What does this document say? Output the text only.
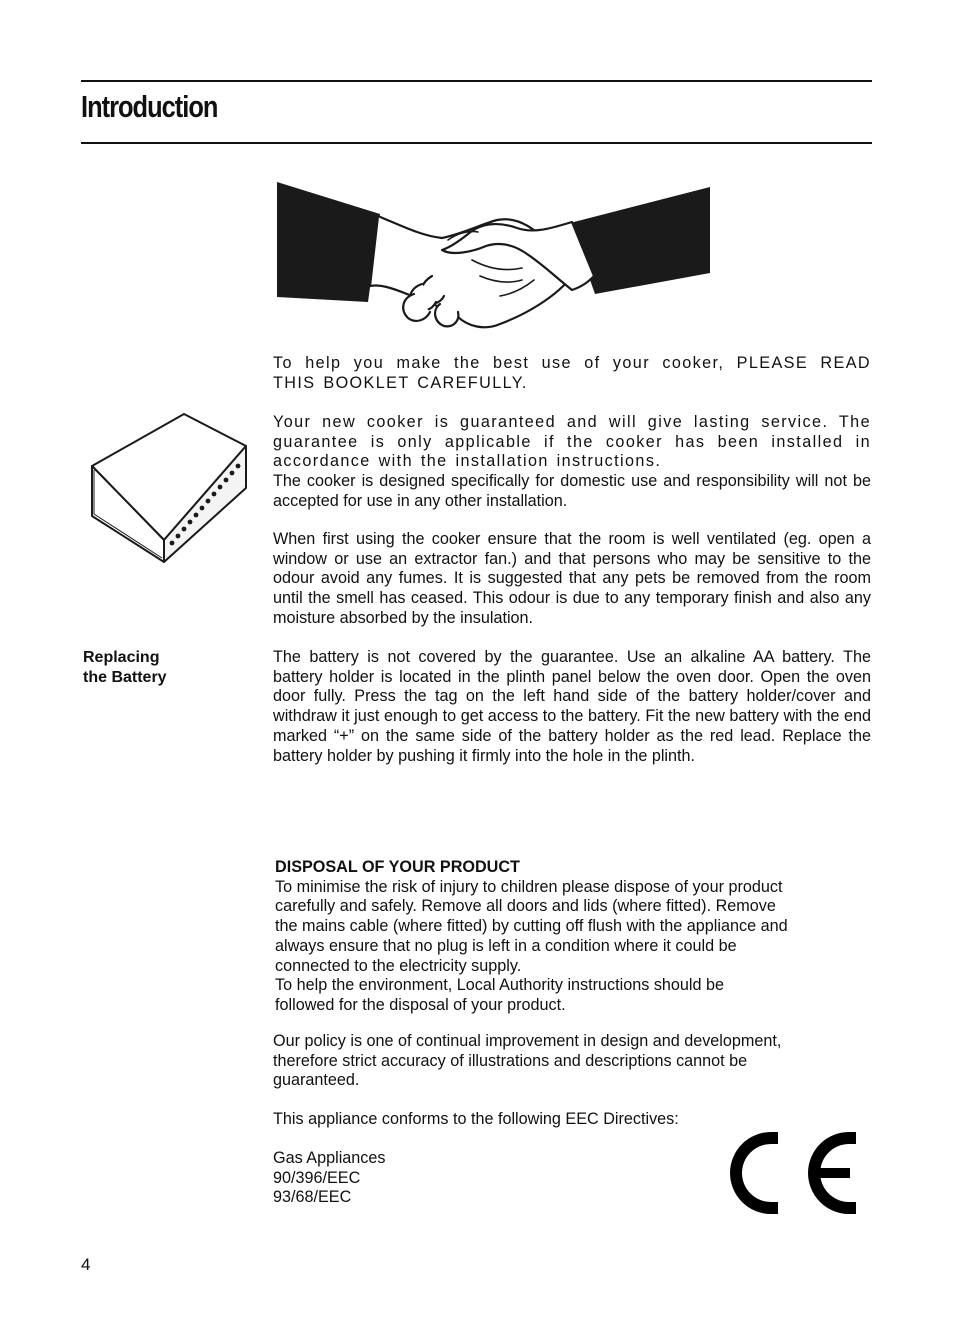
Introduction

To help you make the best use of your cooker, PLEASE READ THIS BOOKLET CAREFULLY.

Your new cooker is guaranteed and will give lasting service. The guarantee is only applicable if the cooker has been installed in accordance with the installation instructions.
The cooker is designed specifically for domestic use and responsibility will not be accepted for use in any other installation.

When first using the cooker ensure that the room is well ventilated (eg. open a window or use an extractor fan.) and that persons who may be sensitive to the odour avoid any fumes. It is suggested that any pets be removed from the room until the smell has ceased. This odour is due to any temporary finish and also any moisture absorbed by the insulation.

Replacing
the Battery

The battery is not covered by the guarantee. Use an alkaline AA battery. The battery holder is located in the plinth panel below the oven door. Open the oven door fully. Press the tag on the left hand side of the battery holder/cover and withdraw it just enough to get access to the battery. Fit the new battery with the end marked “+” on the same side of the battery holder as the red lead. Replace the battery holder by pushing it firmly into the hole in the plinth.

DISPOSAL OF YOUR PRODUCT
To minimise the risk of injury to children please dispose of your product
carefully and safely. Remove all doors and lids (where fitted). Remove
the mains cable (where fitted) by cutting off flush with the appliance and
always ensure that no plug is left in a condition where it could be
connected to the electricity supply.
To help the environment, Local Authority instructions should be
followed for the disposal of your product.
Our policy is one of continual improvement in design and development,
therefore strict accuracy of illustrations and descriptions cannot be
guaranteed.

This appliance conforms to the following EEC Directives:

Gas Appliances
90/396/EEC
93/68/EEC
4
